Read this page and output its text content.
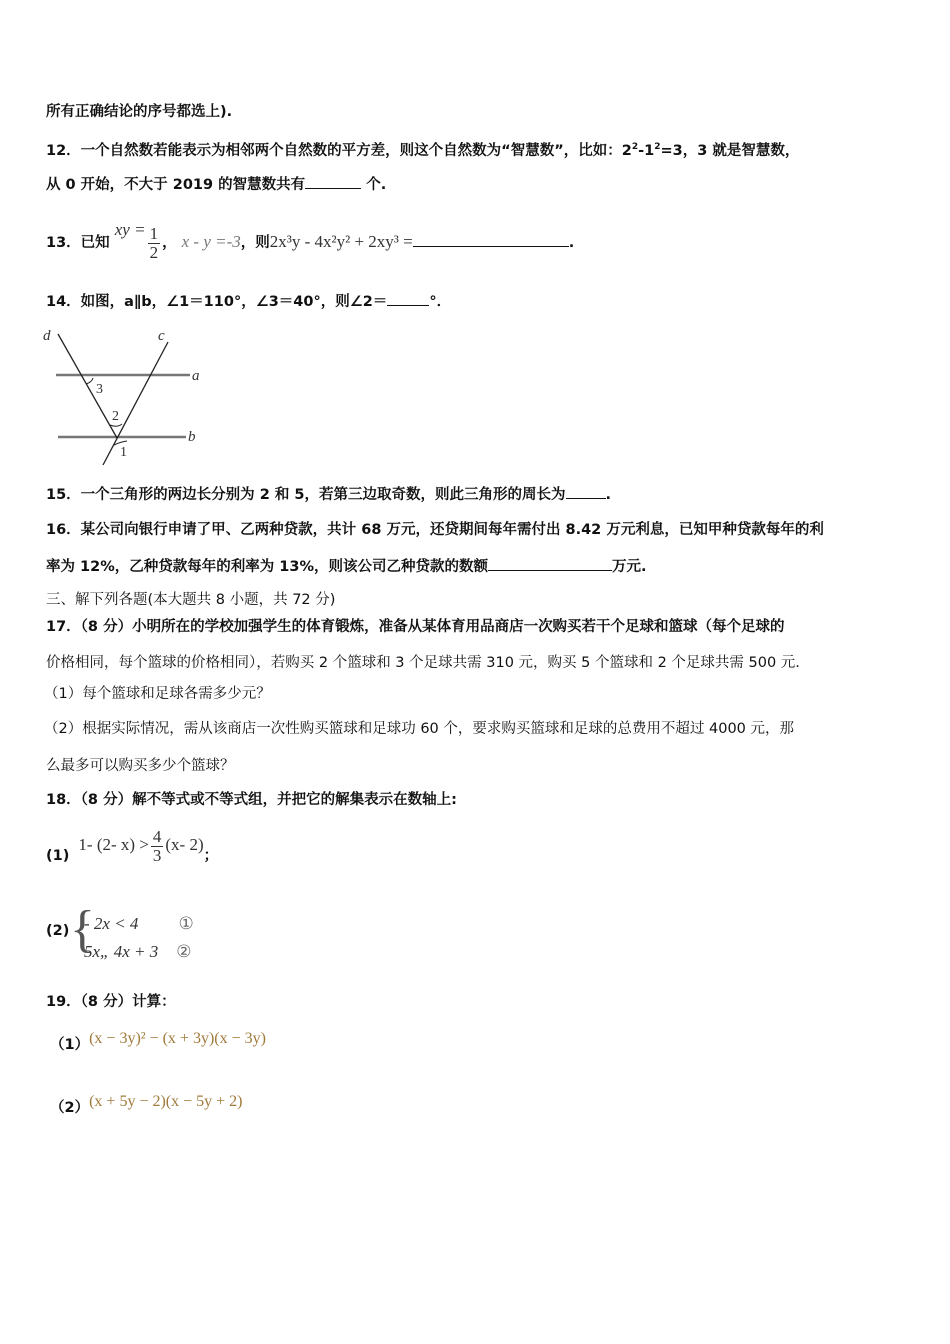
所有正确结论的序号都选上).
12．一个自然数若能表示为相邻两个自然数的平方差，则这个自然数为“智慧数”，比如：$2^2-1^2=3$，3 就是智慧数，
从 0 开始，不大于 2019 的智慧数共有	个.
13．已知 xy = $\frac{1}{2}$ ， x - y =-3，则2x³y - 4x²y² + 2xy³ =	.
14．如图，a∥b，∠1＝110°，∠3＝40°，则∠2＝	°．
d	c
a
b
3
2
1
15．一个三角形的两边长分别为 2 和 5，若第三边取奇数，则此三角形的周长为	.
16．某公司向银行申请了甲、乙两种贷款，共计 68 万元，还贷期间每年需付出 8.42 万元利息，已知甲种贷款每年的利
率为 12%，乙种贷款每年的利率为 13%，则该公司乙种贷款的数额	万元.
三、解下列各题(本大题共 8 小题，共 72 分)
17．（8 分）小明所在的学校加强学生的体育锻炼，准备从某体育用品商店一次购买若干个足球和篮球（每个足球的
价格相同，每个篮球的价格相同），若购买 2 个篮球和 3 个足球共需 310 元，购买 5 个篮球和 2 个足球共需 500 元.
（1）每个篮球和足球各需多少元？
（2）根据实际情况，需从该商店一次性购买篮球和足球功 60 个，要求购买篮球和足球的总费用不超过 4000 元，那
么最多可以购买多少个篮球？
18．（8 分）解不等式或不等式组，并把它的解集表示在数轴上:
(1) 1- (2- $x) > \frac{4}{3} (x-$ 2)；
(2) {
- 2x < 4 ①
5x„ 4x + 3 ②
19．（8 分）计算：
（1）(x − 3y)² − (x + 3y)(x − 3y)
（2）(x + 5y − 2)(x − 5y + 2)
